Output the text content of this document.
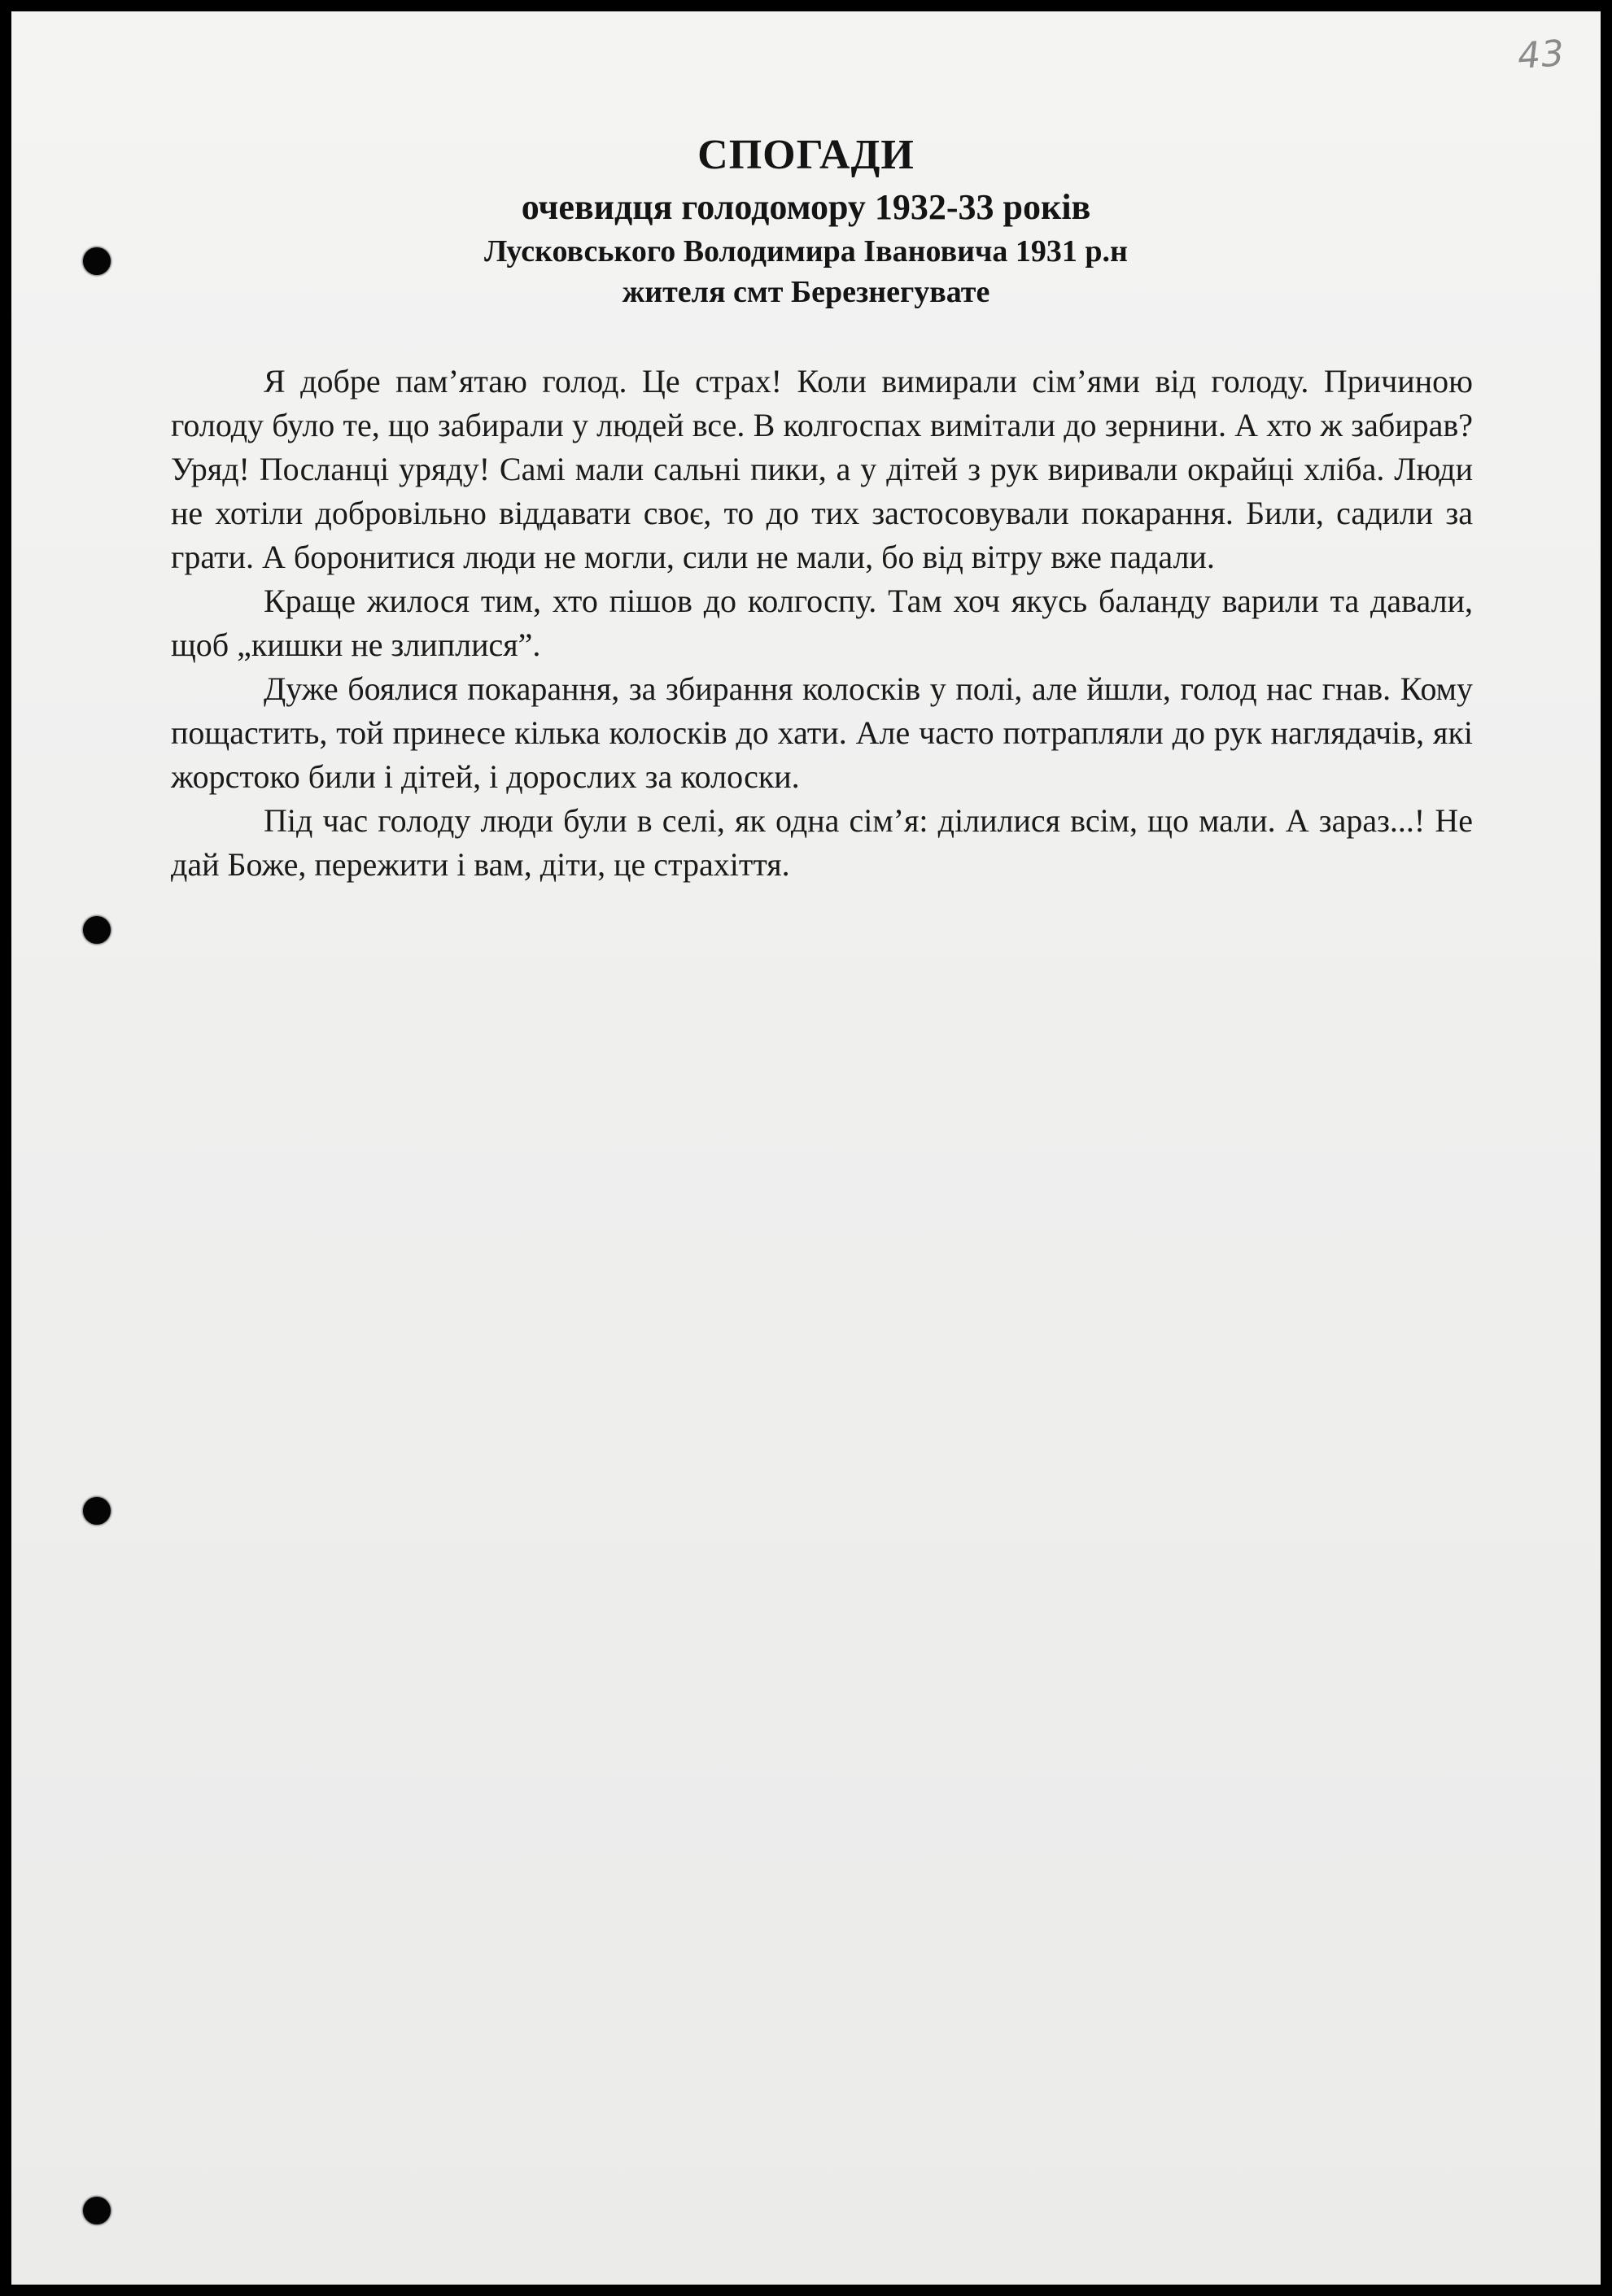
43
СПОГАДИ
очевидця голодомору 1932-33 років
Лусковського Володимира Івановича 1931 р.н
жителя смт Березнегувате

Я добре пам’ятаю голод. Це страх! Коли вимирали сім’ями від голоду. Причиною голоду було те, що забирали у людей все. В колгоспах вимітали до зернини. А хто ж забирав? Уряд! Посланці уряду! Самі мали сальні пики, а у дітей з рук виривали окрайці хліба. Люди не хотіли добровільно віддавати своє, то до тих застосовували покарання. Били, садили за грати. А боронитися люди не могли, сили не мали, бо від вітру вже падали.

Краще жилося тим, хто пішов до колгоспу. Там хоч якусь баланду варили та давали, щоб „кишки не злиплися”.

Дуже боялися покарання, за збирання колосків у полі, але йшли, голод нас гнав. Кому пощастить, той принесе кілька колосків до хати. Але часто потрапляли до рук наглядачів, які жорстоко били і дітей, і дорослих за колоски.

Під час голоду люди були в селі, як одна сім’я: ділилися всім, що мали. А зараз...! Не дай Боже, пережити і вам, діти, це страхіття.
